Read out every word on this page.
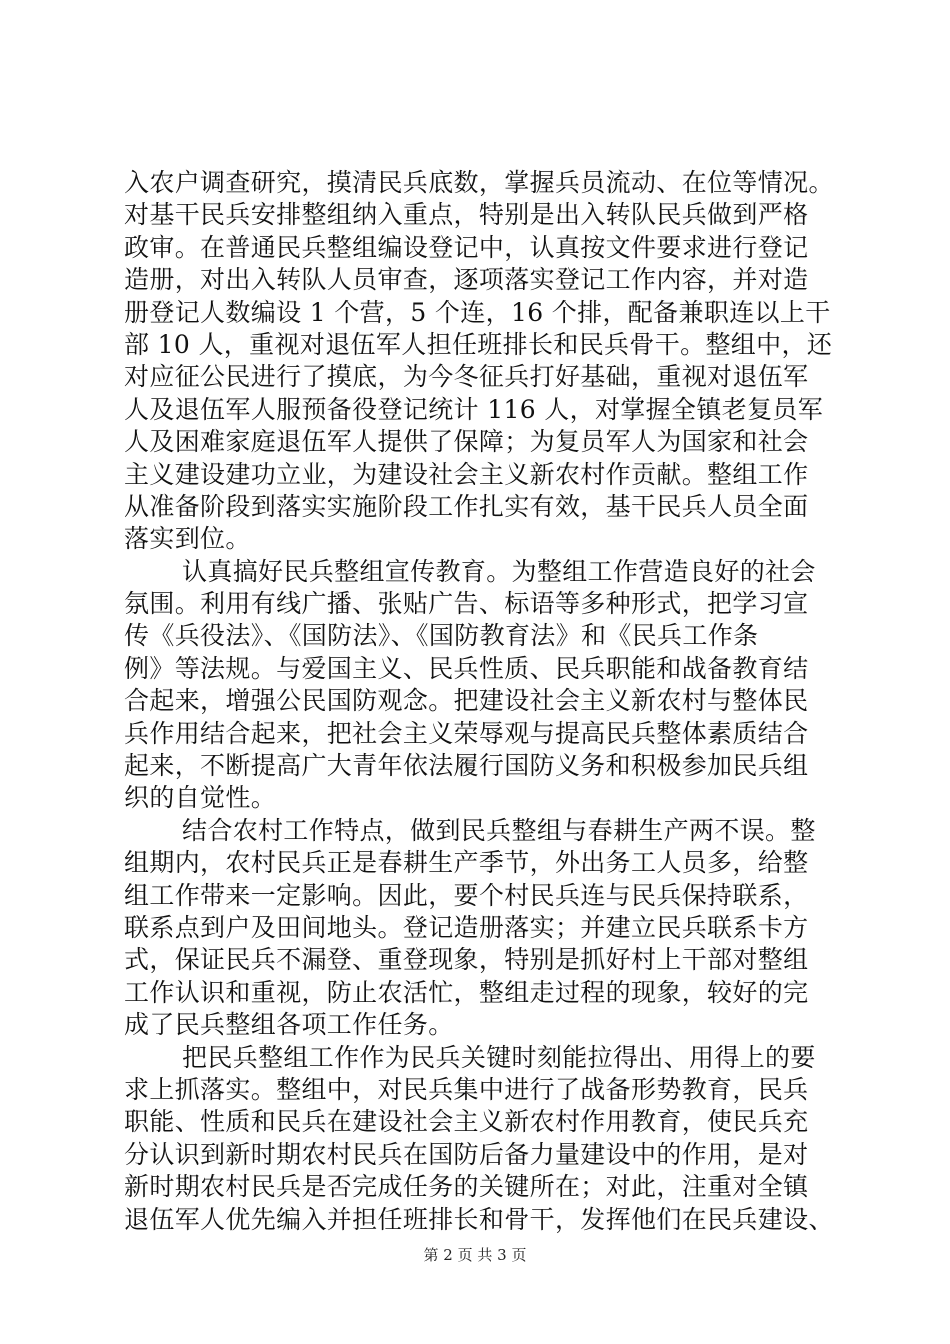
入农户调查研究，摸清民兵底数，掌握兵员流动、在位等情况。
对基干民兵安排整组纳入重点，特别是出入转队民兵做到严格
政审。在普通民兵整组编设登记中，认真按文件要求进行登记
造册，对出入转队人员审查，逐项落实登记工作内容，并对造
册登记人数编设 1 个营，5 个连，16 个排，配备兼职连以上干
部 10 人，重视对退伍军人担任班排长和民兵骨干。整组中，还
对应征公民进行了摸底，为今冬征兵打好基础，重视对退伍军
人及退伍军人服预备役登记统计 116 人，对掌握全镇老复员军
人及困难家庭退伍军人提供了保障；为复员军人为国家和社会
主义建设建功立业，为建设社会主义新农村作贡献。整组工作
从准备阶段到落实实施阶段工作扎实有效，基干民兵人员全面
落实到位。
认真搞好民兵整组宣传教育。为整组工作营造良好的社会
氛围。利用有线广播、张贴广告、标语等多种形式，把学习宣
传《兵役法》、《国防法》、《国防教育法》和《民兵工作条
例》等法规。与爱国主义、民兵性质、民兵职能和战备教育结
合起来，增强公民国防观念。把建设社会主义新农村与整体民
兵作用结合起来，把社会主义荣辱观与提高民兵整体素质结合
起来，不断提高广大青年依法履行国防义务和积极参加民兵组
织的自觉性。
结合农村工作特点，做到民兵整组与春耕生产两不误。整
组期内，农村民兵正是春耕生产季节，外出务工人员多，给整
组工作带来一定影响。因此，要个村民兵连与民兵保持联系，
联系点到户及田间地头。登记造册落实；并建立民兵联系卡方
式，保证民兵不漏登、重登现象，特别是抓好村上干部对整组
工作认识和重视，防止农活忙，整组走过程的现象，较好的完
成了民兵整组各项工作任务。
把民兵整组工作作为民兵关键时刻能拉得出、用得上的要
求上抓落实。整组中，对民兵集中进行了战备形势教育，民兵
职能、性质和民兵在建设社会主义新农村作用教育，使民兵充
分认识到新时期农村民兵在国防后备力量建设中的作用，是对
新时期农村民兵是否完成任务的关键所在；对此，注重对全镇
退伍军人优先编入并担任班排长和骨干，发挥他们在民兵建设、
第 2 页 共 3 页
